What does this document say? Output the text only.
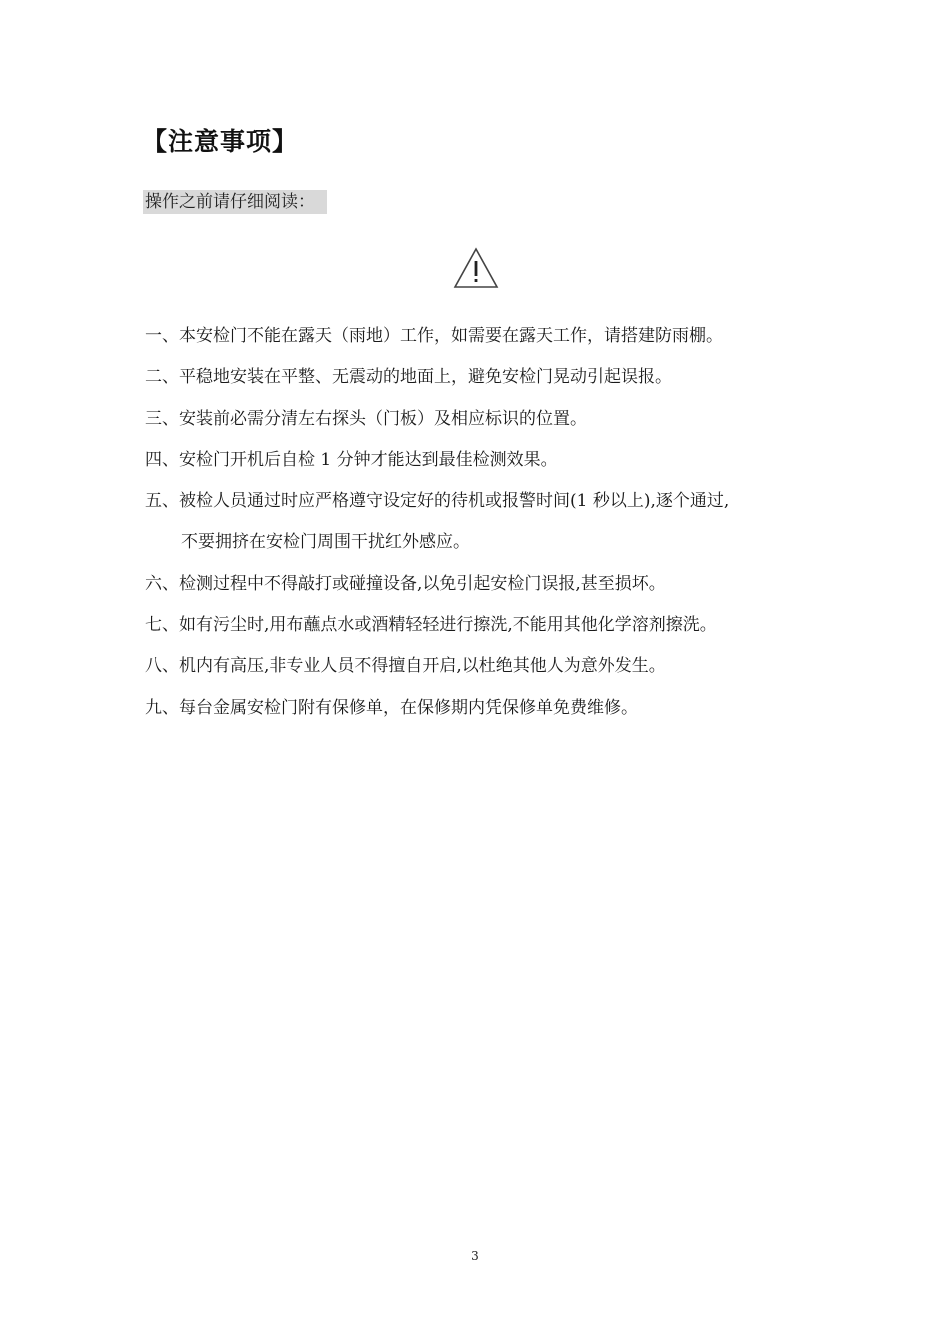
【注意事项】
操作之前请仔细阅读：
一、本安检门不能在露天（雨地）工作，如需要在露天工作，请搭建防雨棚。
二、平稳地安装在平整、无震动的地面上，避免安检门晃动引起误报。
三、安装前必需分清左右探头（门板）及相应标识的位置。
四、安检门开机后自检 1 分钟才能达到最佳检测效果。
五、被检人员通过时应严格遵守设定好的待机或报警时间(1 秒以上),逐个通过,
不要拥挤在安检门周围干扰红外感应。
六、检测过程中不得敲打或碰撞设备,以免引起安检门误报,甚至损坏。
七、如有污尘时,用布蘸点水或酒精轻轻进行擦洗,不能用其他化学溶剂擦洗。
八、机内有高压,非专业人员不得擅自开启,以杜绝其他人为意外发生。
九、每台金属安检门附有保修单，在保修期内凭保修单免费维修。
3
